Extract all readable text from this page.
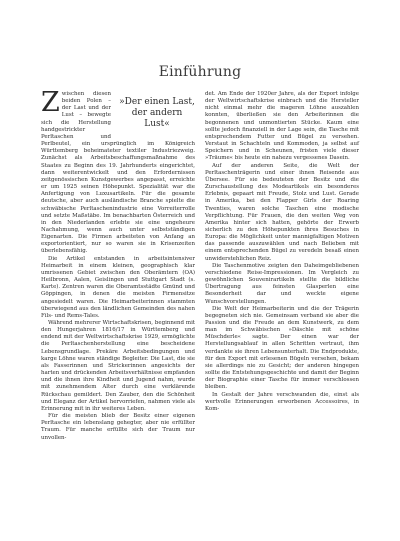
Einführung
»Der einen Last,
der andern Lust«

Zwischen diesen beiden Polen – der Last und der Lust – bewegte sich die Herstellung handgestrickter Perltaschen und Perlbeutel, ein ursprünglich im Königreich Württemberg beheimateter textiler Industriezweig. Zunächst als Arbeitsbeschaffungsmaßnahme des Staates zu Beginn des 19. Jahrhunderts eingerichtet, dann weiterentwickelt und den Erfordernissen zeitgenössischen Kunstgewerbes angepasst, erreichte er um 1925 seinen Höhepunkt. Spezialität war die Anfertigung von Luxusartikeln. Für die gesamte deutsche, aber auch ausländische Branche spielte die schwäbische Perltaschenindustrie eine Vorreiterrolle und setzte Maßstäbe. Im benachbarten Österreich und in den Niederlanden erlebte sie eine ungeheure Nachahmung, wenn auch unter selbstständigen Eigenarten. Die Firmen arbeiteten von Anfang an exportorientiert, nur so waren sie in Krisenzeiten überlebensfähig.

Die Artikel entstanden in arbeitsintensiver Heimarbeit in einem kleinen, geographisch klar umrissenen Gebiet zwischen den Oberämtern (OA) Heilbronn, Aalen, Geislingen und Stuttgart Stadt (s. Karte). Zentren waren die Oberamtsstädte Gmünd und Göppingen, in denen die meisten Firmensitze angesiedelt waren. Die Heimarbeiterinnen stammten überwiegend aus den ländlichen Gemeinden des nahen Fils- und Rems-Tales.

Während mehrerer Wirtschaftskrisen, beginnend mit den Hungerjahren 1816/17 in Württemberg und endend mit der Weltwirtschaftskrise 1929, ermöglichte die Perltaschenherstellung eine bescheidene Lebensgrundlage. Prekäre Arbeitsbedingungen und karge Löhne waren ständige Begleiter. Die Last, die sie als Fasserinnen und Strickerinnen angesichts der harten und drückenden Arbeitsverhältnisse empfanden und die ihnen ihre Kindheit und Jugend nahm, wurde mit zunehmendem Alter durch eine verklärende Rückschau gemildert. Den Zauber, den die Schönheit und Eleganz der Artikel hervorriefen, nahmen viele als Erinnerung mit in ihr weiteres Leben.

Für die meisten blieb der Besitz einer eigenen Perltasche ein lebenslang gehegter, aber nie erfüllter Traum. Für manche erfüllte sich der Traum nur unvollen-

det. Am Ende der 1920er Jahre, als der Export infolge der Weltwirtschaftskrise einbrach und die Hersteller nicht einmal mehr die mageren Löhne auszahlen konnten, überließen sie den Arbeiterinnen die begonnenen und unmontierten Stücke. Kaum eine sollte jedoch finanziell in der Lage sein, die Tasche mit entsprechendem Futter und Bügel zu versehen. Verstaut in Schachteln und Kommoden, ja selbst auf Speichern und in Scheunen, fristen viele dieser »Träume« bis heute ein nahezu vergessenes Dasein.

Auf der anderen Seite, die Welt der Perltaschenträgerin und einer ihnen Reisende aus Übersee. Für sie bedeuteten der Besitz und die Zurschaustellung des Modeartikels ein besonderes Erlebnis, gepaart mit Freude, Stolz und Lust. Gerade in Amerika, bei den Flapper Girls der Roaring Twenties, waren solche Taschen eine modische Verpflichtung. Für Frauen, die den weiten Weg von Amerika hinter sich hatten, gehörte der Erwerb sicherlich zu den Höhepunkten ihres Besuches in Europa: die Möglichkeit unter mannigfaltigen Motiven das passende auszuwählen und nach Belieben mit einem entsprechenden Bügel zu veredeln besaß einen unwiderstehlichen Reiz.

Die Taschenmotive zeigten den Daheimgebliebenen verschiedene Reise-Impressionen. Im Vergleich zu gewöhnlichen Souvenirartikeln stellte die bildliche Übertragung aus feinsten Glasperlen eine Besonderheit dar und weckte eigene Wunschvorstellungen.

Die Welt der Heimarbeiterin und die der Trägerin begegneten sich nie. Gemeinsam verband sie aber die Passion und die Freude an dem Kunstwerk, zu dem man im Schwäbischen »Däschle mit schöne Müschderle« sagte. Der einen war der Herstellungsablauf in allen Schritten vertraut, ihm verdankte sie ihren Lebensunterhalt. Die Endprodukte, für den Export mit erlesenen Bügeln versehen, bekam sie allerdings nie zu Gesicht; der anderen hingegen sollte die Entstehungsgeschichte und damit der Beginn der Biographie einer Tasche für immer verschlossen bleiben.

In Gestalt der Jahre verschwanden die, einst als wertvolle Erinnerungen erworbenen Accessoires, in Kom-
